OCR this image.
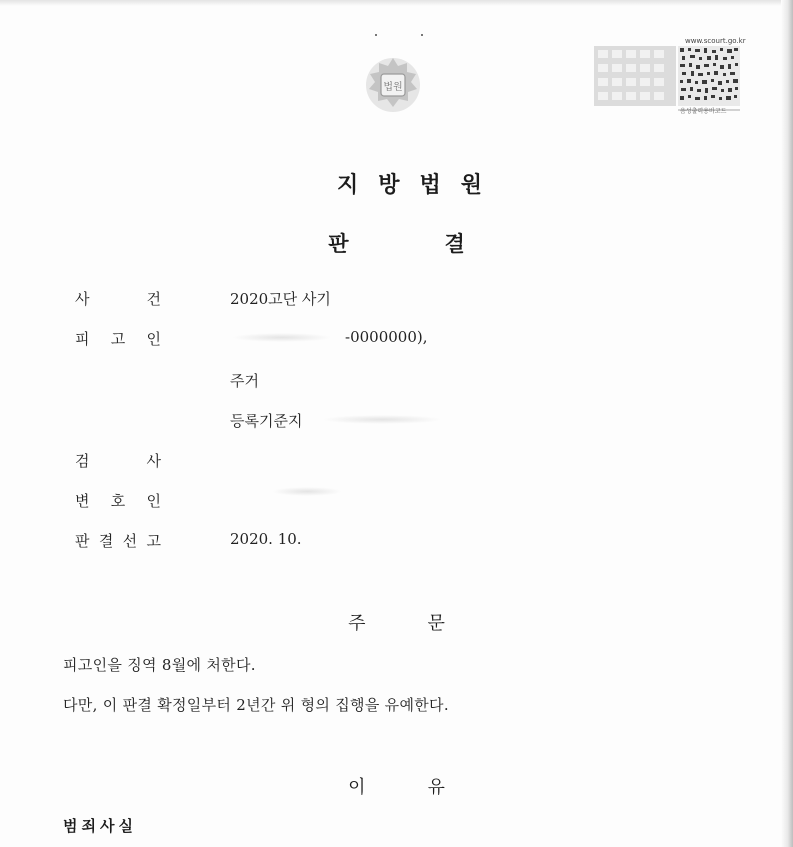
법원
www.scourt.go.kr
음성출력용바코드
지방법원
판	결
사	건	2020고단 사기
피 고 인	-0000000),
주거
등록기준지
검	사
변 호 인
판 결 선 고	2020. 10.
주	문
피고인을 징역 8월에 처한다.
다만, 이 판결 확정일부터 2년간 위 형의 집행을 유예한다.
이	유
범죄사실
